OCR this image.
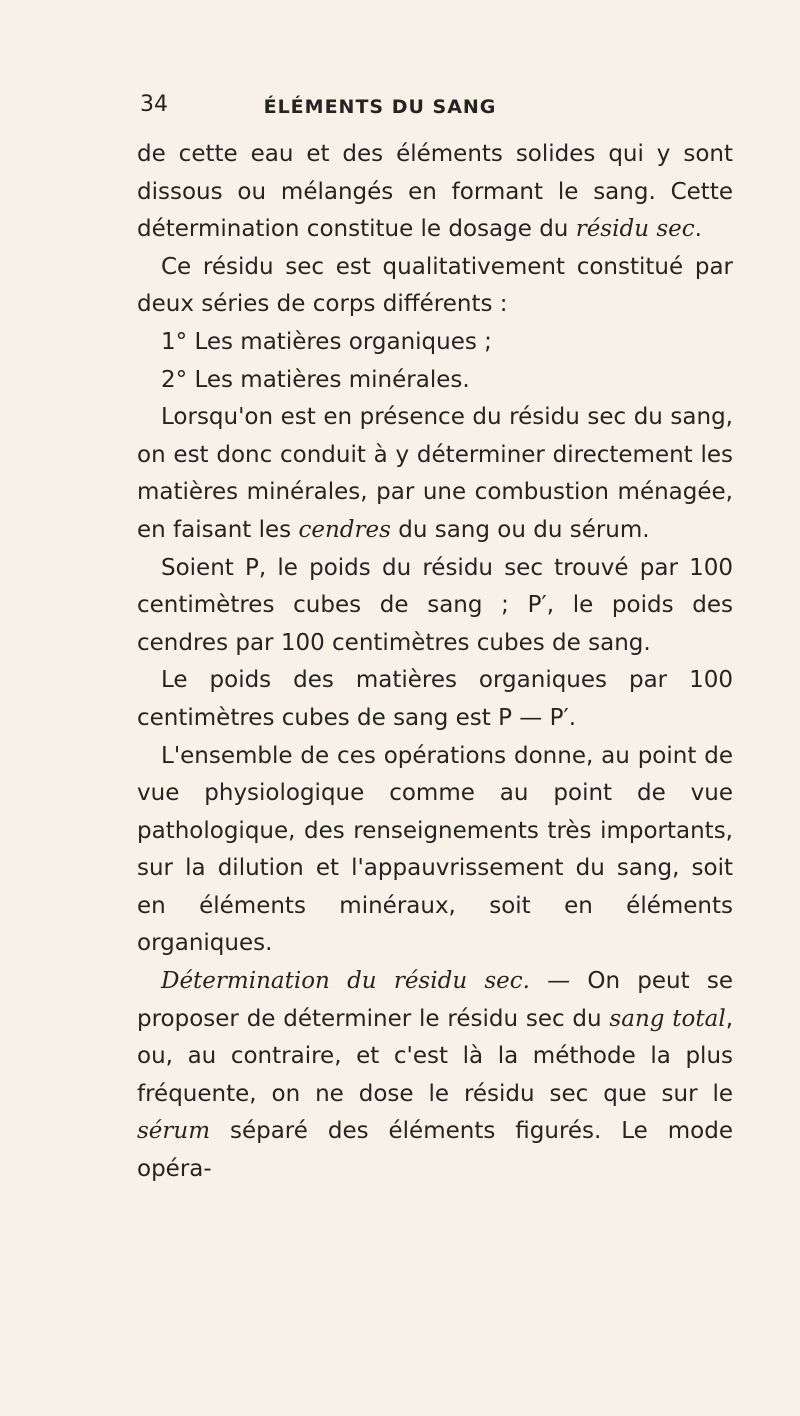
34	ÉLÉMENTS DU SANG

de cette eau et des éléments solides qui y sont dissous ou mélangés en formant le sang. Cette détermination constitue le dosage du résidu sec.

Ce résidu sec est qualitativement constitué par deux séries de corps différents :

1° Les matières organiques ;

2° Les matières minérales.

Lorsqu'on est en présence du résidu sec du sang, on est donc conduit à y déterminer directement les matières minérales, par une combustion ménagée, en faisant les cendres du sang ou du sérum.

Soient P, le poids du résidu sec trouvé par 100 centimètres cubes de sang ; P′, le poids des cendres par 100 centimètres cubes de sang.

Le poids des matières organiques par 100 centimètres cubes de sang est P — P′.

L'ensemble de ces opérations donne, au point de vue physiologique comme au point de vue pathologique, des renseignements très importants, sur la dilution et l'appauvrissement du sang, soit en éléments minéraux, soit en éléments organiques.

Détermination du résidu sec. — On peut se proposer de déterminer le résidu sec du sang total, ou, au contraire, et c'est là la méthode la plus fréquente, on ne dose le résidu sec que sur le sérum séparé des éléments figurés. Le mode opéra-
